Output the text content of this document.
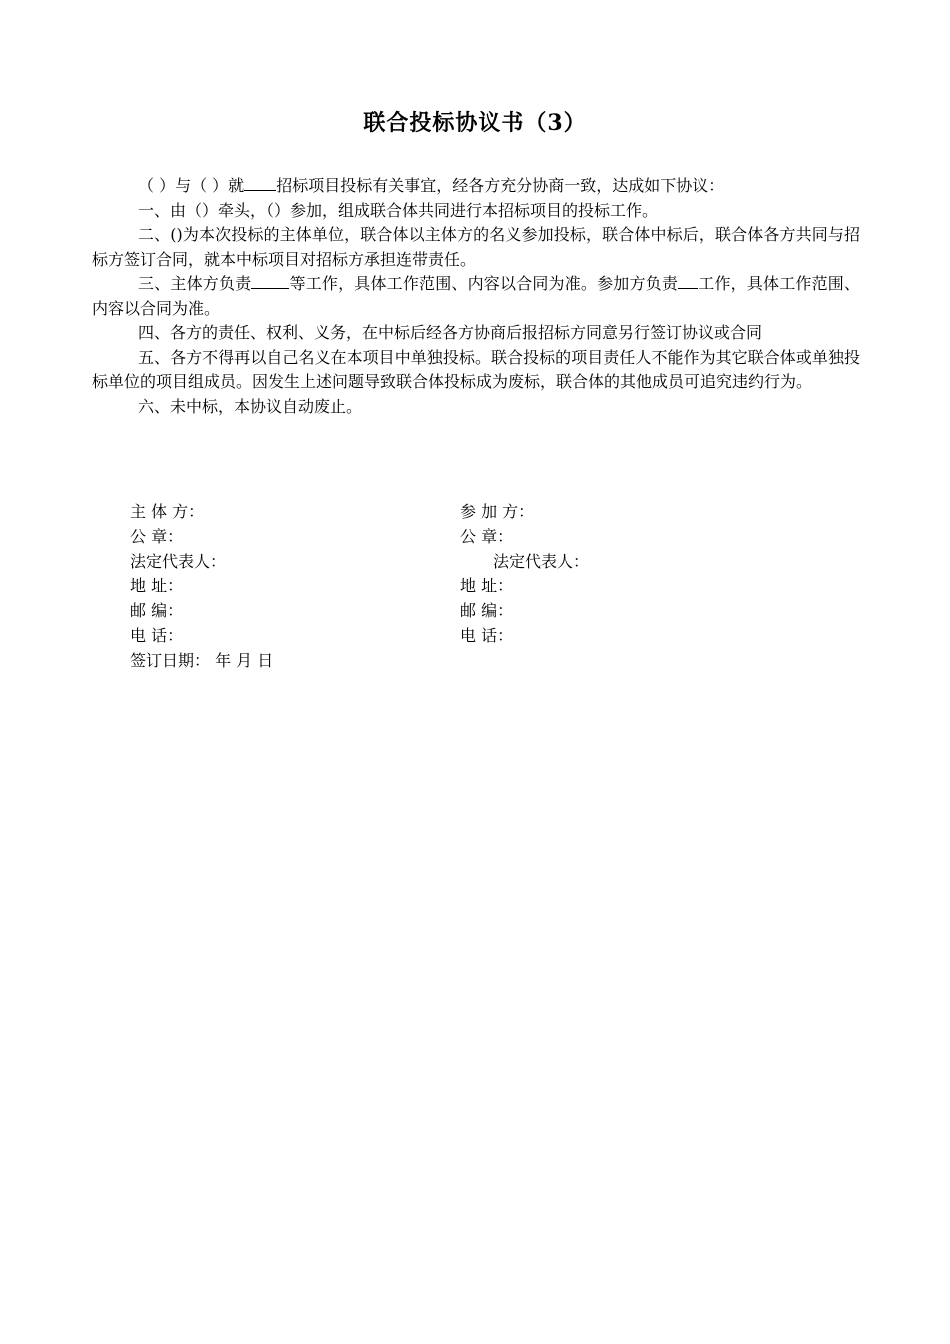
联合投标协议书（3）

（ ）与（ ）就 招标项目投标有关事宜，经各方充分协商一致，达成如下协议：

一、由（）牵头，（）参加，组成联合体共同进行本招标项目的投标工作。

二、()为本次投标的主体单位，联合体以主体方的名义参加投标，联合体中标后，联合体各方共同与招标方签订合同，就本中标项目对招标方承担连带责任。

三、主体方负责 等工作，具体工作范围、内容以合同为准。参加方负责 工作，具体工作范围、内容以合同为准。

四、各方的责任、权利、义务，在中标后经各方协商后报招标方同意另行签订协议或合同

五、各方不得再以自己名义在本项目中单独投标。联合投标的项目责任人不能作为其它联合体或单独投标单位的项目组成员。因发生上述问题导致联合体投标成为废标，联合体的其他成员可追究违约行为。

六、未中标，本协议自动废止。

主 体 方：
公 章：
法定代表人：
地 址：
邮 编：
电 话：
签订日期： 年 月 日
参 加 方：
公 章：
法定代表人：
地 址：
邮 编：
电 话：
